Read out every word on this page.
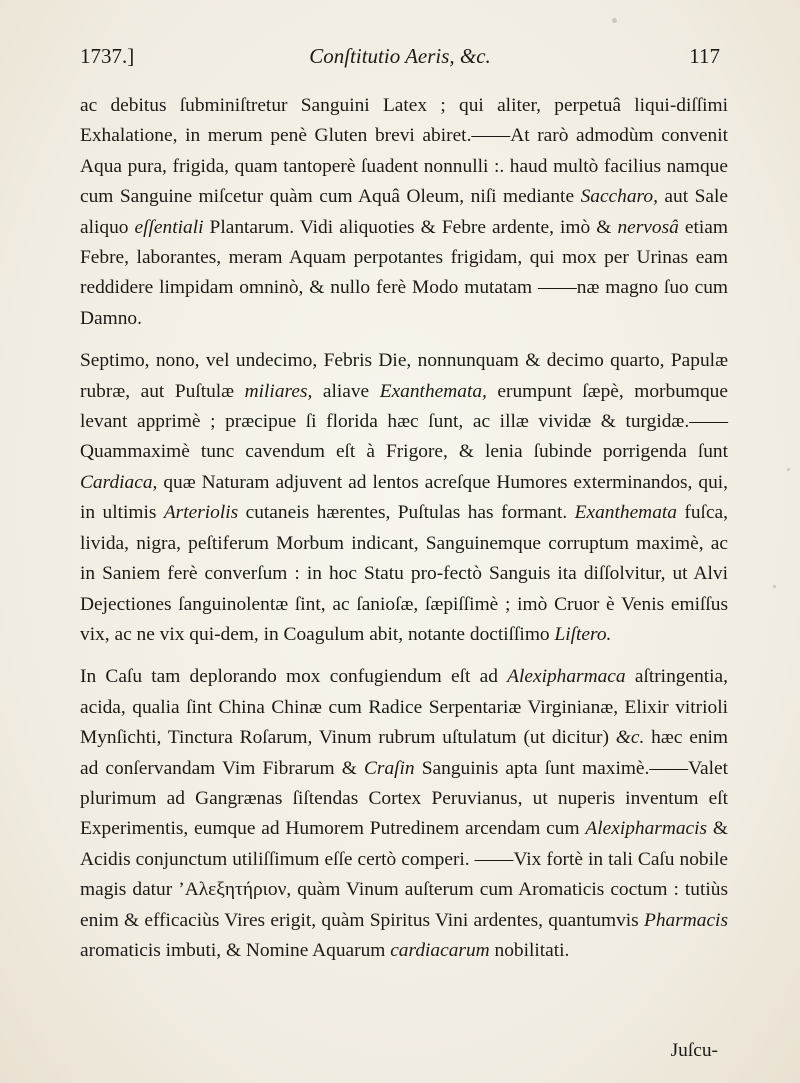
1737.]	Conſtitutio Aeris, &c.	117

ac debitus ſubminiſtretur Sanguini Latex ; qui aliter, perpetuâ liqui-diſſimi Exhalatione, in merum penè Gluten brevi abiret.——At rarò admodùm convenit Aqua pura, frigida, quam tantoperè ſuadent nonnulli :. haud multò facilius namque cum Sanguine miſcetur quàm cum Aquâ Oleum, niſi mediante Saccharo, aut Sale aliquo eſſentiali Plantarum. Vidi aliquoties & Febre ardente, imò & nervosâ etiam Febre, laborantes, meram Aquam perpotantes frigidam, qui mox per Urinas eam reddidere limpidam omninò, & nullo ferè Modo mutatam ——næ magno ſuo cum Damno.

Septimo, nono, vel undecimo, Febris Die, nonnunquam & decimo quarto, Papulæ rubræ, aut Puſtulæ miliares, aliave Exanthemata, erumpunt ſæpè, morbumque levant apprimè ; præcipue ſi florida hæc ſunt, ac illæ vividæ & turgidæ.——Quammaximè tunc cavendum eſt à Frigore, & lenia ſubinde porrigenda ſunt Cardiaca, quæ Naturam adjuvent ad lentos acreſque Humores exterminandos, qui, in ultimis Arteriolis cutaneis hærentes, Puſtulas has formant. Exanthemata fuſca, livida, nigra, peſtiferum Morbum indicant, Sanguinemque corruptum maximè, ac in Saniem ferè converſum : in hoc Statu pro-fectò Sanguis ita diſſolvitur, ut Alvi Dejectiones ſanguinolentæ ſint, ac ſanioſæ, ſæpiſſimè ; imò Cruor è Venis emiſſus vix, ac ne vix qui-dem, in Coagulum abit, notante doctiſſimo Liſtero.

In Caſu tam deplorando mox confugiendum eſt ad Alexipharmaca aſtringentia, acida, qualia ſint China Chinæ cum Radice Serpentariæ Virginianæ, Elixir vitrioli Mynſichti, Tinctura Roſarum, Vinum rubrum uſtulatum (ut dicitur) &c. hæc enim ad conſervandam Vim Fibrarum & Craſin Sanguinis apta ſunt maximè.——Valet plurimum ad Gangrænas ſiſtendas Cortex Peruvianus, ut nuperis inventum eſt Experimentis, eumque ad Humorem Putredinem arcendam cum Alexipharmacis & Acidis conjunctum utiliſſimum eſſe certò comperi. ——Vix fortè in tali Caſu nobile magis datur ’Αλεξητήριον, quàm Vinum auſterum cum Aromaticis coctum : tutiùs enim & efficaciùs Vires erigit, quàm Spiritus Vini ardentes, quantumvis Pharmacis aromaticis imbuti, & Nomine Aquarum cardiacarum nobilitati.

Juſcu-
